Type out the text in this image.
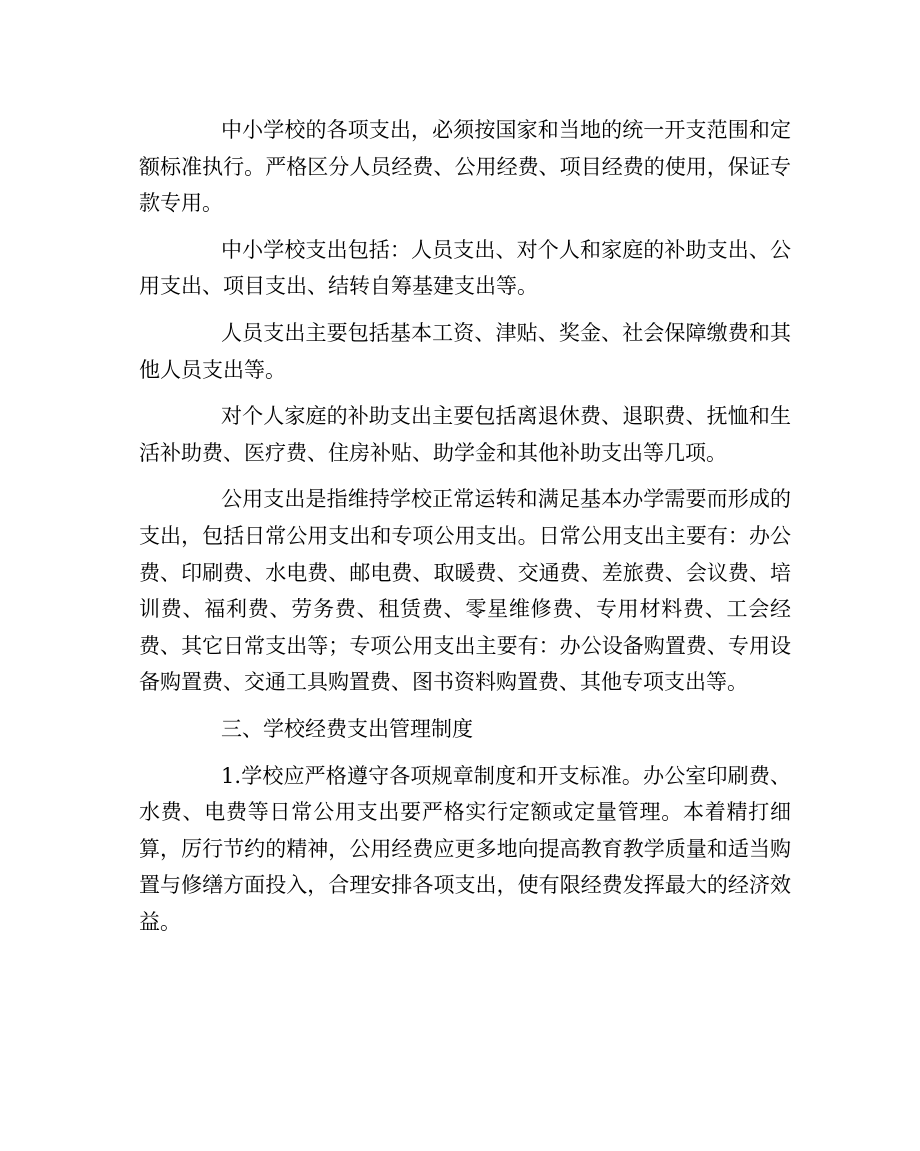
中小学校的各项支出，必须按国家和当地的统一开支范围和定额标准执行。严格区分人员经费、公用经费、项目经费的使用，保证专款专用。

中小学校支出包括：人员支出、对个人和家庭的补助支出、公用支出、项目支出、结转自筹基建支出等。

人员支出主要包括基本工资、津贴、奖金、社会保障缴费和其他人员支出等。

对个人家庭的补助支出主要包括离退休费、退职费、抚恤和生活补助费、医疗费、住房补贴、助学金和其他补助支出等几项。

公用支出是指维持学校正常运转和满足基本办学需要而形成的支出，包括日常公用支出和专项公用支出。日常公用支出主要有：办公费、印刷费、水电费、邮电费、取暖费、交通费、差旅费、会议费、培训费、福利费、劳务费、租赁费、零星维修费、专用材料费、工会经费、其它日常支出等；专项公用支出主要有：办公设备购置费、专用设备购置费、交通工具购置费、图书资料购置费、其他专项支出等。

三、学校经费支出管理制度

1.学校应严格遵守各项规章制度和开支标准。办公室印刷费、水费、电费等日常公用支出要严格实行定额或定量管理。本着精打细算，厉行节约的精神，公用经费应更多地向提高教育教学质量和适当购置与修缮方面投入，合理安排各项支出，使有限经费发挥最大的经济效益。
